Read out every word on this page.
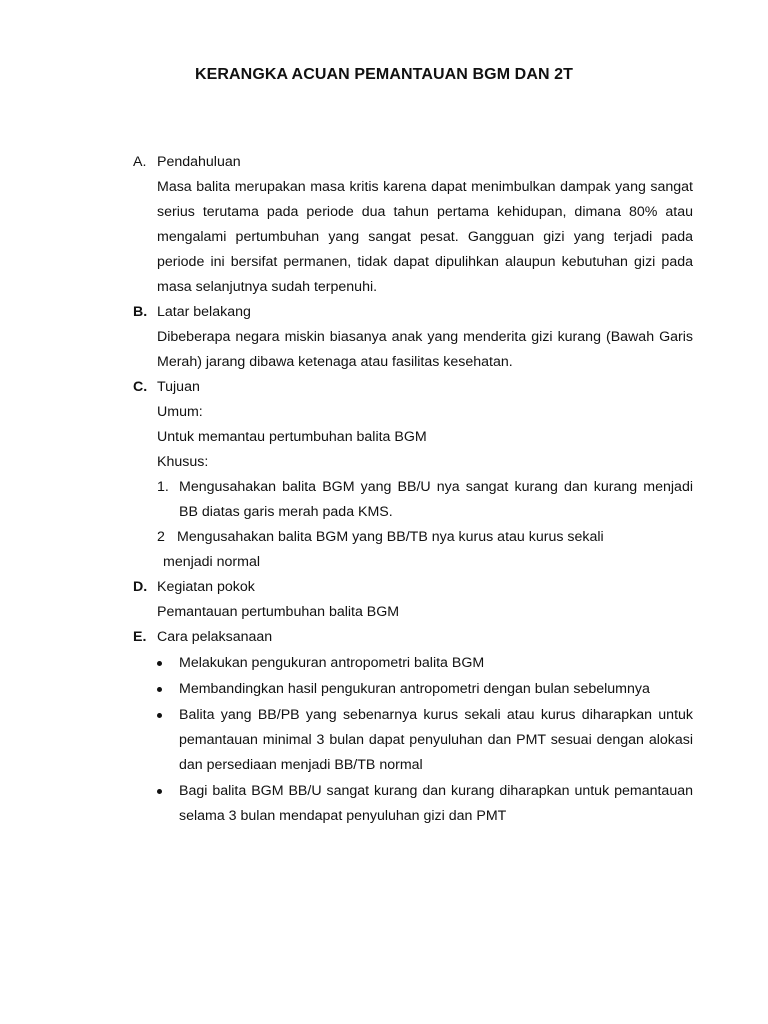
KERANGKA ACUAN PEMANTAUAN BGM DAN 2T
A. Pendahuluan
Masa balita merupakan masa kritis karena dapat menimbulkan dampak yang sangat serius terutama pada periode dua tahun pertama kehidupan, dimana 80% atau mengalami pertumbuhan yang sangat pesat. Gangguan gizi yang terjadi pada periode ini bersifat permanen, tidak dapat dipulihkan alaupun kebutuhan gizi pada masa selanjutnya sudah terpenuhi.
B. Latar belakang
Dibeberapa negara miskin biasanya anak yang menderita gizi kurang (Bawah Garis Merah) jarang dibawa ketenaga atau fasilitas kesehatan.
C. Tujuan
Umum:
Untuk memantau pertumbuhan balita BGM
Khusus:
1. Mengusahakan balita BGM yang BB/U nya sangat kurang dan kurang menjadi BB diatas garis merah pada KMS.
2 Mengusahakan balita BGM yang BB/TB nya kurus atau kurus sekali
menjadi normal
D. Kegiatan pokok
Pemantauan pertumbuhan balita BGM
E. Cara pelaksanaan
Melakukan pengukuran antropometri balita BGM
Membandingkan hasil pengukuran antropometri dengan bulan sebelumnya
Balita yang BB/PB yang sebenarnya kurus sekali atau kurus diharapkan untuk pemantauan minimal 3 bulan dapat penyuluhan dan PMT sesuai dengan alokasi dan persediaan menjadi BB/TB normal
Bagi balita BGM BB/U sangat kurang dan kurang diharapkan untuk pemantauan selama 3 bulan mendapat penyuluhan gizi dan PMT
